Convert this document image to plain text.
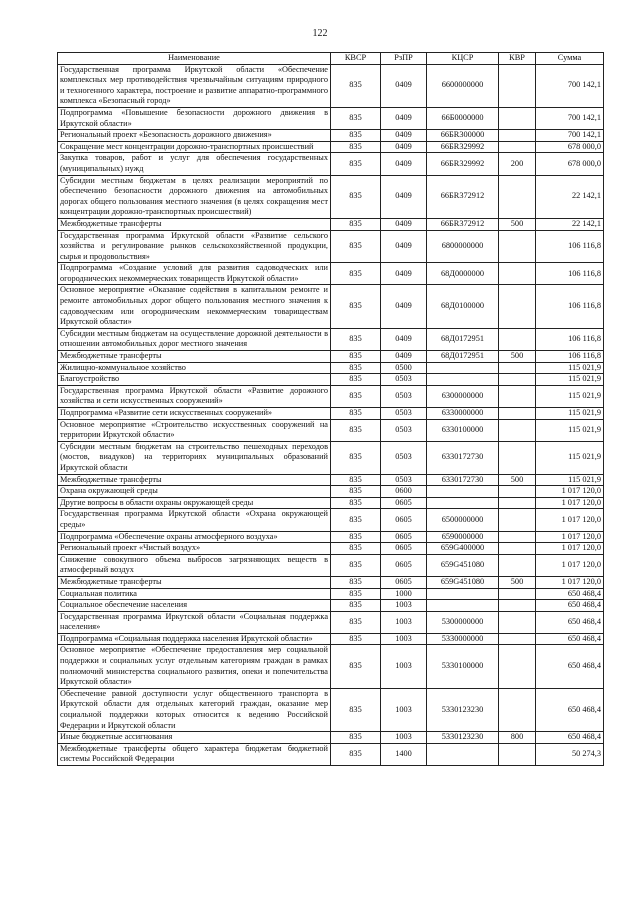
122
Наименование	КВСР	РзПР	КЦСР	КВР	Сумма
Государственная программа Иркутской области «Обеспечение комплексных мер противодействия чрезвычайным ситуациям природного и техногенного характера, построение и развитие аппаратно-программного комплекса «Безопасный город»	835	0409	6600000000		700 142,1
Подпрограмма «Повышение безопасности дорожного движения в Иркутской области»	835	0409	66Б0000000		700 142,1
Региональный проект «Безопасность дорожного движения»	835	0409	66БR300000		700 142,1
Сокращение мест концентрации дорожно-транспортных происшествий	835	0409	66БR329992		678 000,0
Закупка товаров, работ и услуг для обеспечения государственных (муниципальных) нужд	835	0409	66БR329992	200	678 000,0
Субсидии местным бюджетам в целях реализации мероприятий по обеспечению безопасности дорожного движения на автомобильных дорогах общего пользования местного значения (в целях сокращения мест концентрации дорожно-транспортных происшествий)	835	0409	66БR372912		22 142,1
Межбюджетные трансферты	835	0409	66БR372912	500	22 142,1
Государственная программа Иркутской области «Развитие сельского хозяйства и регулирование рынков сельскохозяйственной продукции, сырья и продовольствия»	835	0409	6800000000		106 116,8
Подпрограмма «Создание условий для развития садоводческих или огороднических некоммерческих товариществ Иркутской области»	835	0409	68Д0000000		106 116,8
Основное мероприятие «Оказание содействия в капитальном ремонте и ремонте автомобильных дорог общего пользования местного значения к садоводческим или огородническим некоммерческим товариществам Иркутской области»	835	0409	68Д0100000		106 116,8
Субсидии местным бюджетам на осуществление дорожной деятельности в отношении автомобильных дорог местного значения	835	0409	68Д0172951		106 116,8
Межбюджетные трансферты	835	0409	68Д0172951	500	106 116,8
Жилищно-коммунальное хозяйство	835	0500			115 021,9
Благоустройство	835	0503			115 021,9
Государственная программа Иркутской области «Развитие дорожного хозяйства и сети искусственных сооружений»	835	0503	6300000000		115 021,9
Подпрограмма «Развитие сети искусственных сооружений»	835	0503	6330000000		115 021,9
Основное мероприятие «Строительство искусственных сооружений на территории Иркутской области»	835	0503	6330100000		115 021,9
Субсидии местным бюджетам на строительство пешеходных переходов (мостов, виадуков) на территориях муниципальных образований Иркутской области	835	0503	6330172730		115 021,9
Межбюджетные трансферты	835	0503	6330172730	500	115 021,9
Охрана окружающей среды	835	0600			1 017 120,0
Другие вопросы в области охраны окружающей среды	835	0605			1 017 120,0
Государственная программа Иркутской области «Охрана окружающей среды»	835	0605	6500000000		1 017 120,0
Подпрограмма «Обеспечение охраны атмосферного воздуха»	835	0605	6590000000		1 017 120,0
Региональный проект «Чистый воздух»	835	0605	659G400000		1 017 120,0
Снижение совокупного объема выбросов загрязняющих веществ в атмосферный воздух	835	0605	659G451080		1 017 120,0
Межбюджетные трансферты	835	0605	659G451080	500	1 017 120,0
Социальная политика	835	1000			650 468,4
Социальное обеспечение населения	835	1003			650 468,4
Государственная программа Иркутской области «Социальная поддержка населения»	835	1003	5300000000		650 468,4
Подпрограмма «Социальная поддержка населения Иркутской области»	835	1003	5330000000		650 468,4
Основное мероприятие «Обеспечение предоставления мер социальной поддержки и социальных услуг отдельным категориям граждан в рамках полномочий министерства социального развития, опеки и попечительства Иркутской области»	835	1003	5330100000		650 468,4
Обеспечение равной доступности услуг общественного транспорта в Иркутской области для отдельных категорий граждан, оказание мер социальной поддержки которых относится к ведению Российской Федерации и Иркутской области	835	1003	5330123230		650 468,4
Иные бюджетные ассигнования	835	1003	5330123230	800	650 468,4
Межбюджетные трансферты общего характера бюджетам бюджетной системы Российской Федерации	835	1400			50 274,3
